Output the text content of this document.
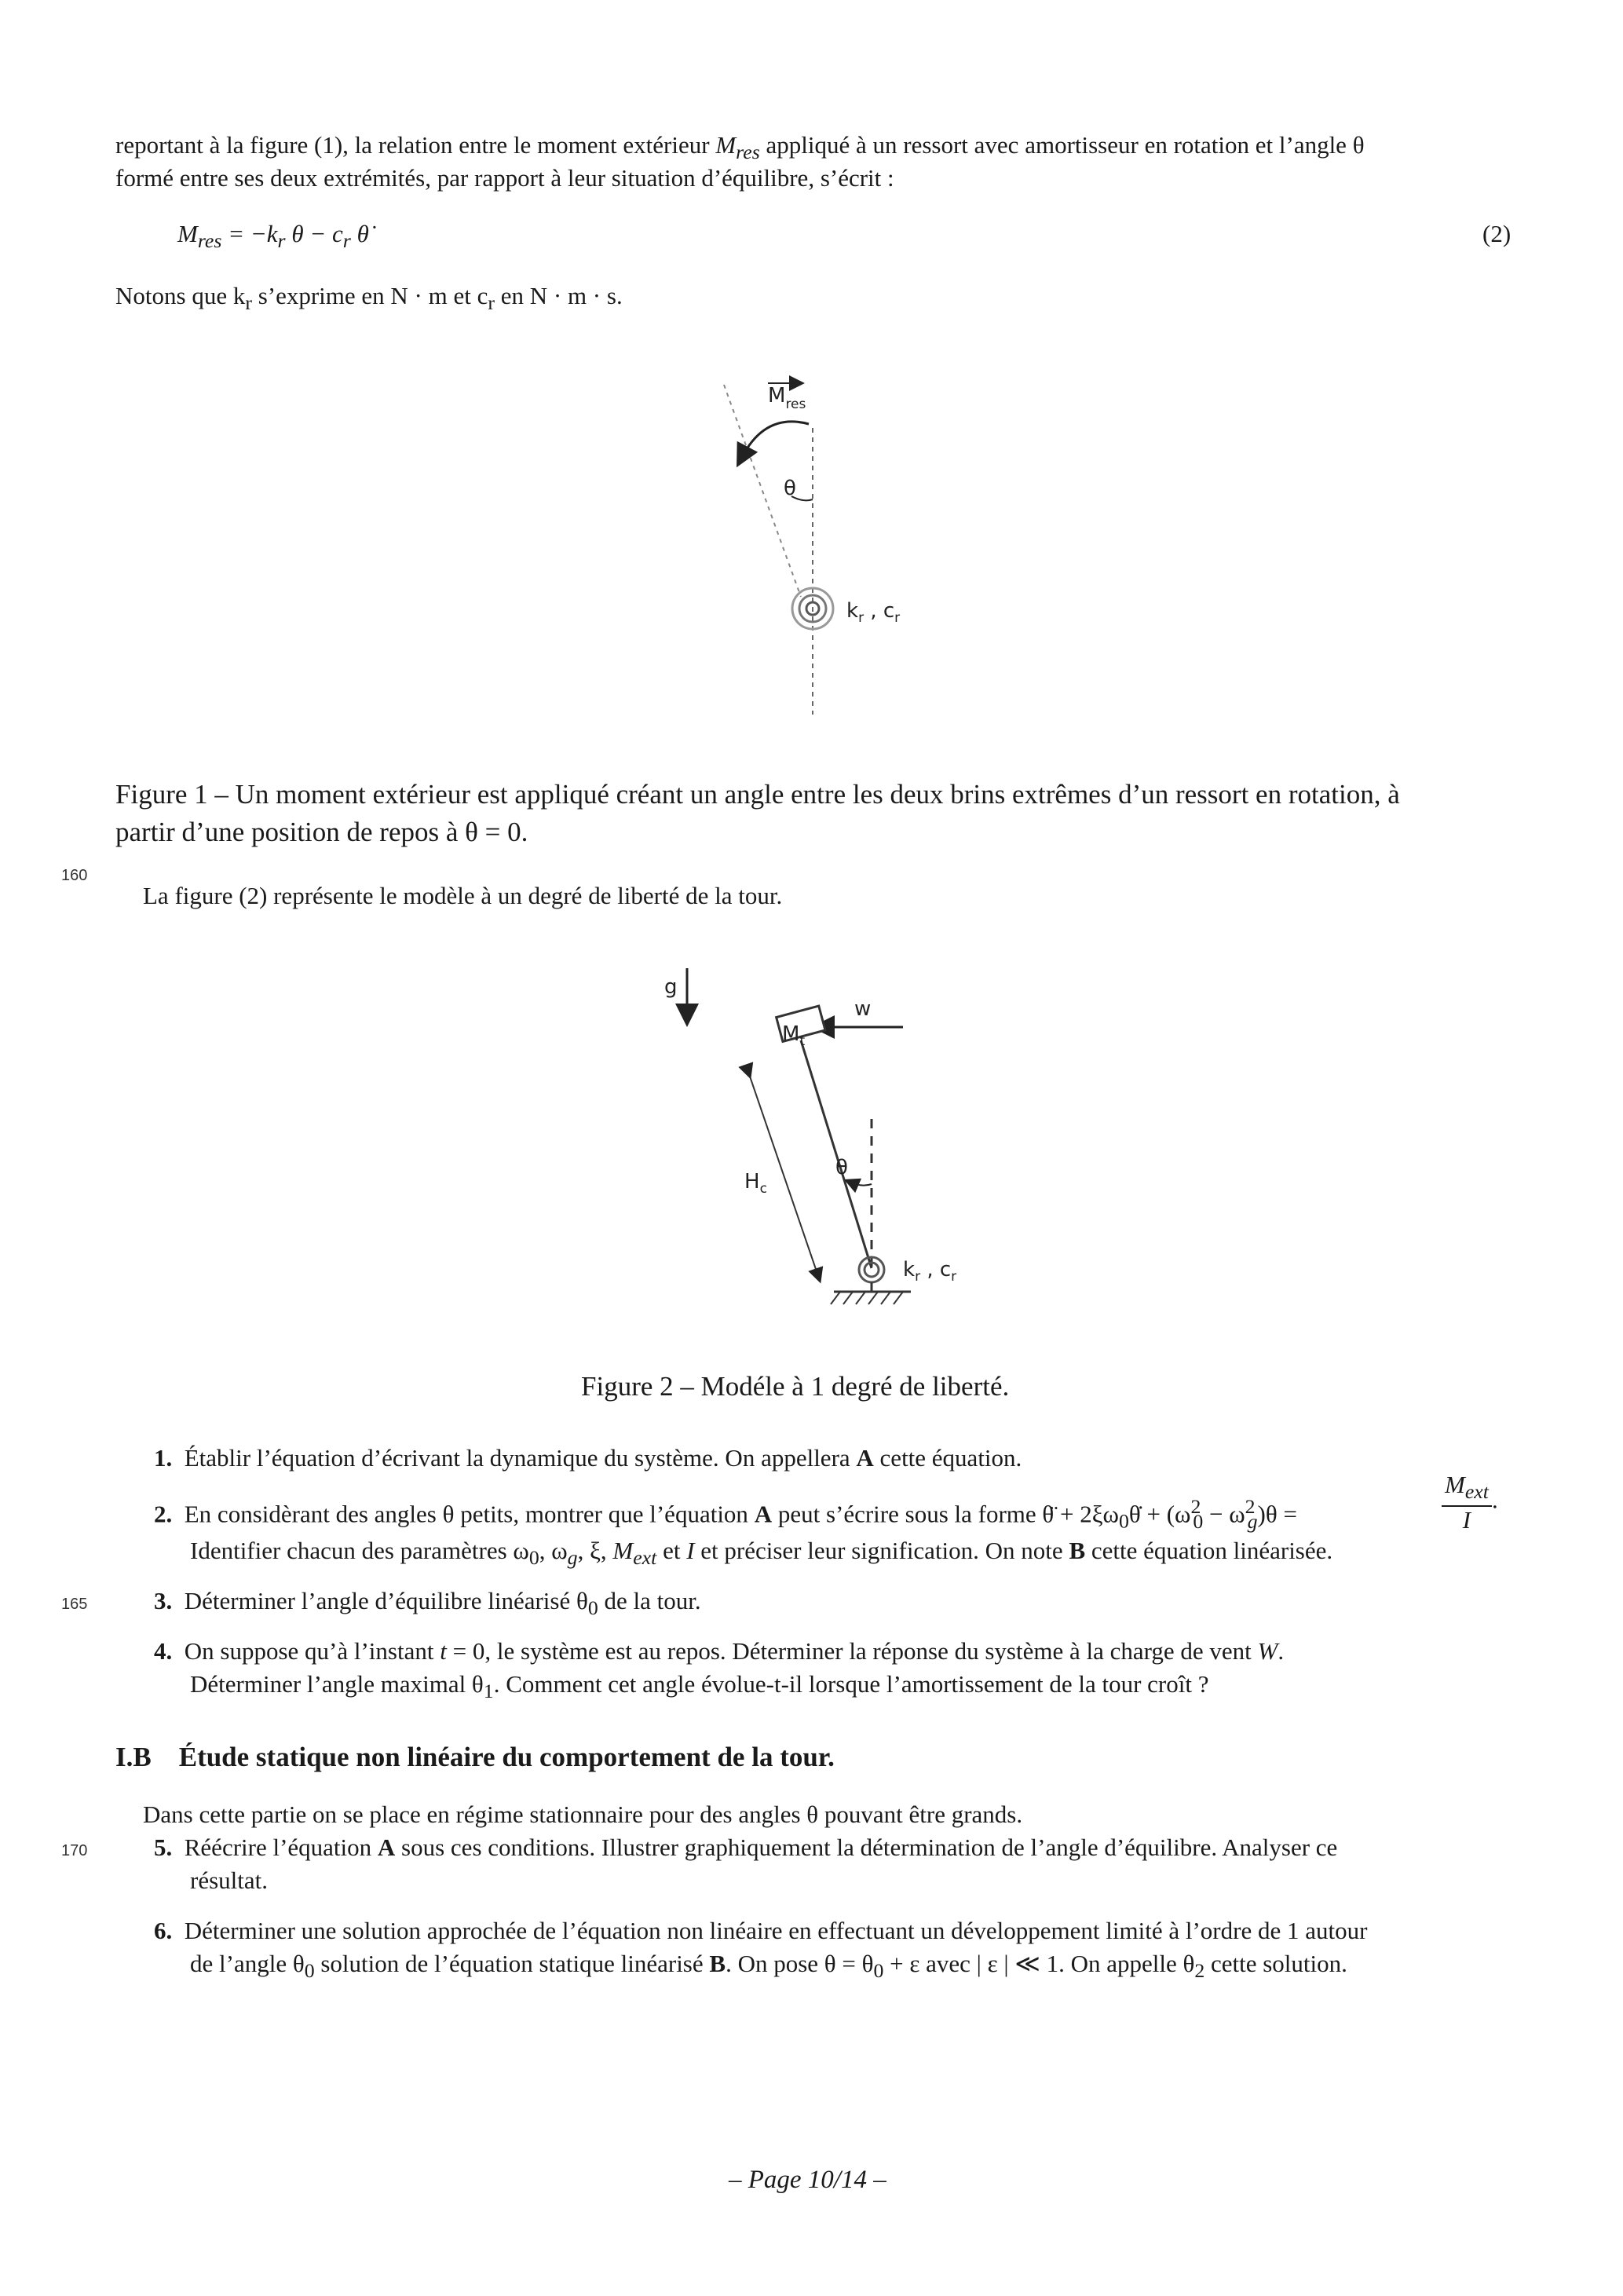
reportant à la figure (1), la relation entre le moment extérieur $M_{res}$ appliqué à un ressort avec amortisseur en rotation et l’angle θ
formé entre ses deux extrémités, par rapport à leur situation d’équilibre, s’écrit :
$M_{res} = -k_r$ $\theta - c_r$ θ̇	(2)
Notons que $k_r$ s’exprime en N · m et $c_r$ en N · m · s.
$M_{res}$
θ
$k_r$ , $c_r$
Figure 1 – Un moment extérieur est appliqué créant un angle entre les deux brins extrêmes d’un ressort en rotation, à
partir d’une position de repos à θ = 0.
160
La figure (2) représente le modèle à un degré de liberté de la tour.
g
w
$M_t$
$H_c$
θ
$k_r$ , $c_r$
Figure 2 – Modéle à 1 degré de liberté.
1. Établir l’équation d’écrivant la dynamique du système. On appellera A cette équation.
2. En considèrant des angles θ petits, montrer que l’équation A peut s’écrire sous la forme θ̈ + $2\xi\omega_0\thetȧ + (\omega^2_0 - \omega^2_g)\theta$ =	$\frac{M_{ext}}{I}$ .
Identifier chacun des paramètres $\omega_0$, $\omega_g$, ξ, $M_{ext}$ et I et préciser leur signification. On note B cette équation linéarisée.
165	3. Déterminer l’angle d’équilibre linéarisé $\theta_0$ de la tour.
4. On suppose qu’à l’instant t = 0, le système est au repos. Déterminer la réponse du système à la charge de vent W.
Déterminer l’angle maximal $\theta_1$. Comment cet angle évolue-t-il lorsque l’amortissement de la tour croît ?
I.B Étude statique non linéaire du comportement de la tour.
Dans cette partie on se place en régime stationnaire pour des angles θ pouvant être grands.
170	5. Réécrire l’équation A sous ces conditions. Illustrer graphiquement la détermination de l’angle d’équilibre. Analyser ce
résultat.
6. Déterminer une solution approchée de l’équation non linéaire en effectuant un développement limité à l’ordre de 1 autour
de l’angle $\theta_0$ solution de l’équation statique linéarisé B. On pose $\theta = \theta_0 + \varepsilon$ avec | ε | ≪ 1. On appelle $\theta_2$ cette solution.
– Page 10/14 –
